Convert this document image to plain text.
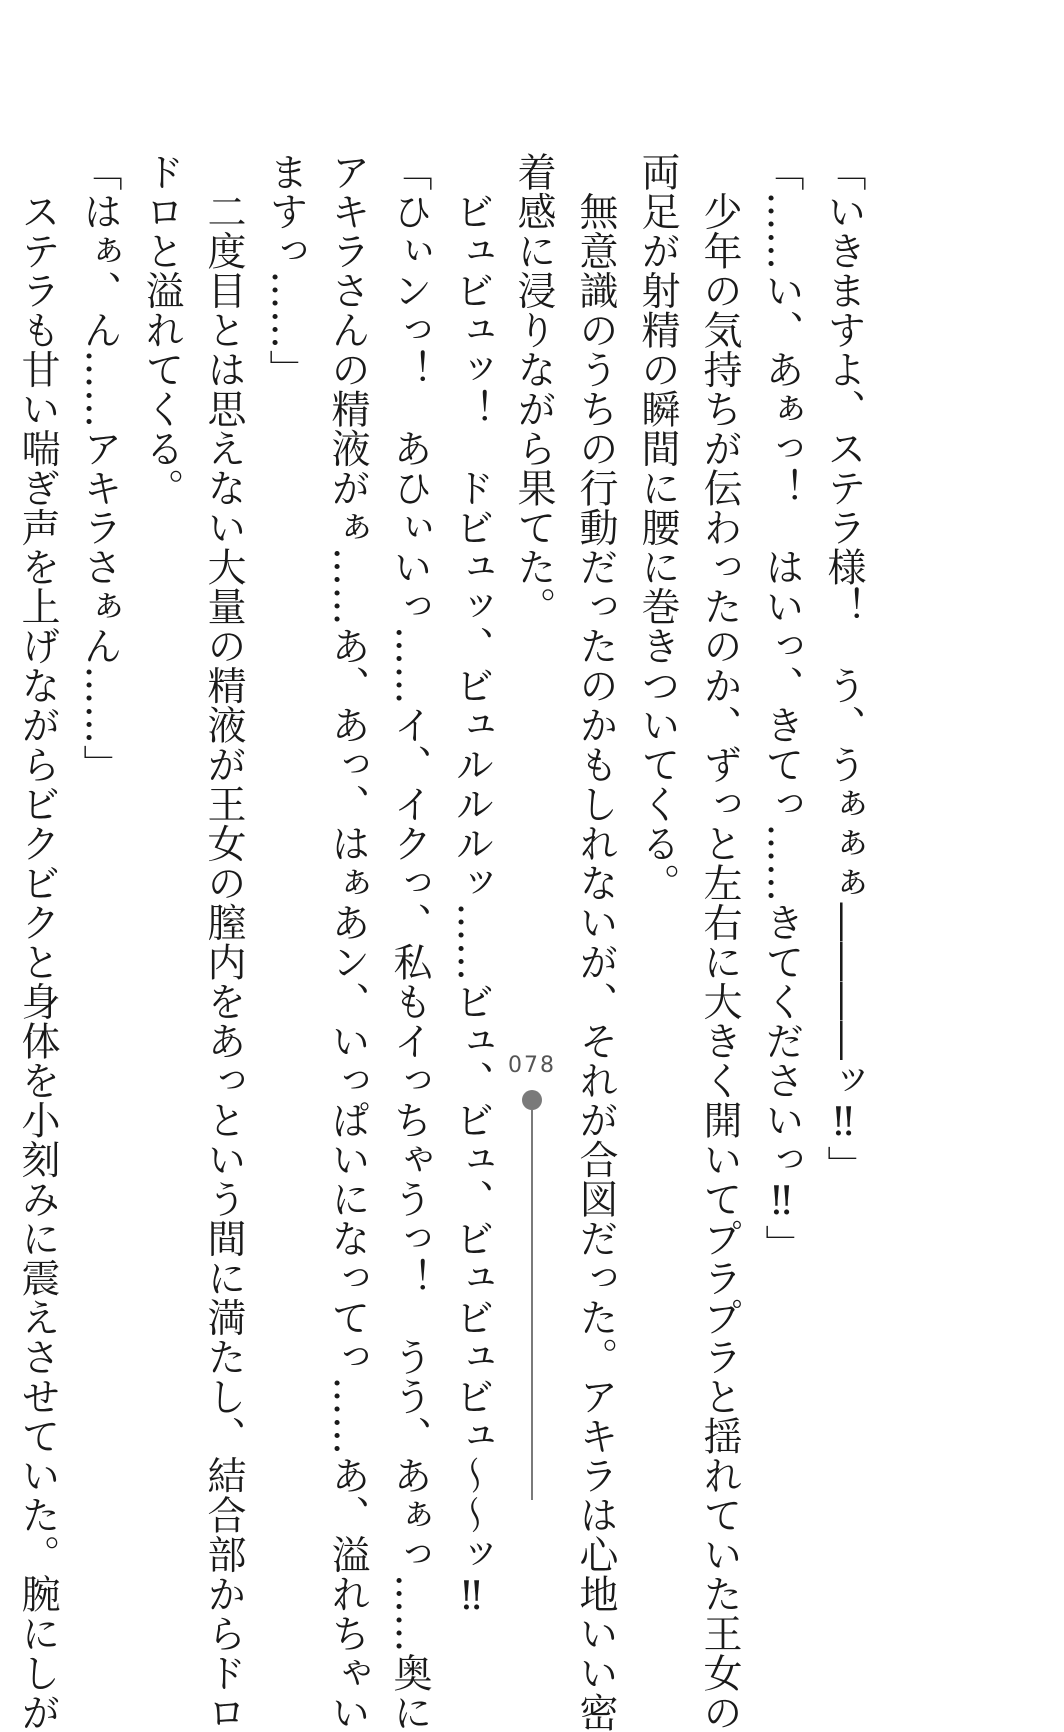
「いきますよ、ステラ様！　う、うぁぁぁ――――ッ‼」
「……い、あぁっ！　はいっ、きてっ……きてくださいっ‼」
　少年の気持ちが伝わったのか、ずっと左右に大きく開いてプラプラと揺れていた王女の
両足が射精の瞬間に腰に巻きついてくる。
　無意識のうちの行動だったのかもしれないが、それが合図だった。アキラは心地いい密
着感に浸りながら果てた。
　ビュビュッ！　ドビュッ、ビュルルルッ……ビュ、ビュ、ビュビュビュ～～ッ‼
「ひぃンっ！　あひぃいっ……イ、イクっ、私もイっちゃうっ！　うう、あぁっ……奥に
アキラさんの精液がぁ……あ、あっ、はぁあン、いっぱいになってっ……あ、溢れちゃい
ますっ……」
　二度目とは思えない大量の精液が王女の膣内をあっという間に満たし、結合部からドロ
ドロと溢れてくる。
「はぁ、ん……アキラさぁん……」
　ステラも甘い喘ぎ声を上げながらビクビクと身体を小刻みに震えさせていた。腕にしが	078
